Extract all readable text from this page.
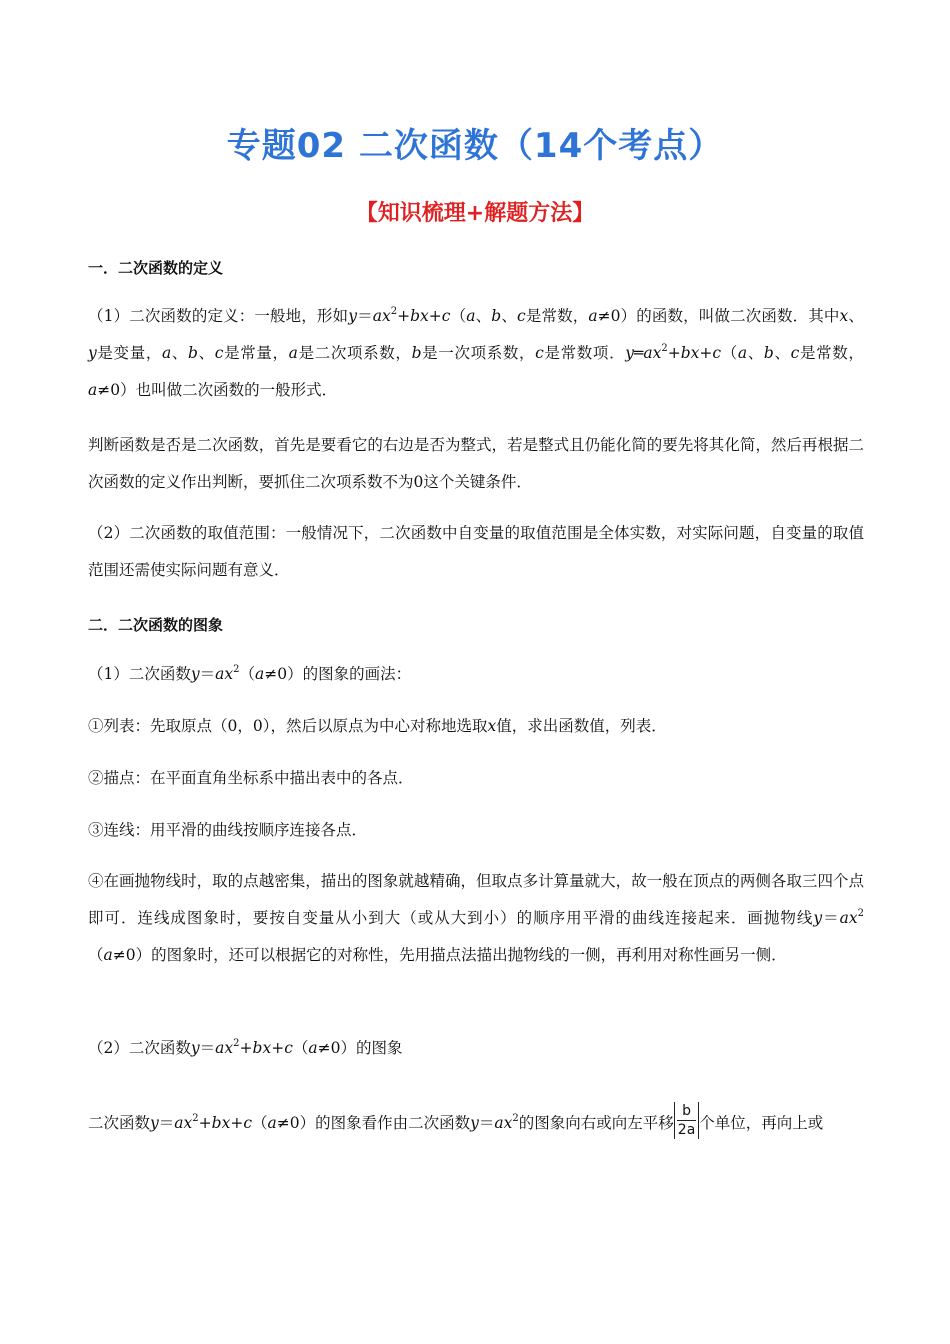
专题02 二次函数（14个考点）
【知识梳理+解题方法】
一．二次函数的定义
（1）二次函数的定义：一般地，形如$y=ax^2+bx+c(a$、b、c是常数，a≠0）的函数，叫做二次函数．其中x、y是变量，a、b、c是常量，a是二次项系数，b是一次项系数，c是常数项．$y═ax^2+bx+c(a$、b、c是常数，a≠0）也叫做二次函数的一般形式．
判断函数是否是二次函数，首先是要看它的右边是否为整式，若是整式且仍能化简的要先将其化简，然后再根据二次函数的定义作出判断，要抓住二次项系数不为0这个关键条件．
（2）二次函数的取值范围：一般情况下，二次函数中自变量的取值范围是全体实数，对实际问题，自变量的取值范围还需使实际问题有意义．
二．二次函数的图象
（1）二次函数$y=ax^2(a\ne 0)$的图象的画法：
①列表：先取原点（0，0），然后以原点为中心对称地选取x值，求出函数值，列表．
②描点：在平面直角坐标系中描出表中的各点．
③连线：用平滑的曲线按顺序连接各点．
④在画抛物线时，取的点越密集，描出的图象就越精确，但取点多计算量就大，故一般在顶点的两侧各取三四个点即可．连线成图象时，要按自变量从小到大（或从大到小）的顺序用平滑的曲线连接起来．画抛物线$y=ax^2(a\ne 0)$的图象时，还可以根据它的对称性，先用描点法描出抛物线的一侧，再利用对称性画另一侧．
（2）二次函数$y=ax^2+bx+c(a\ne 0)$的图象
二次函数$y=ax^2+bx+c(a\ne 0)$的图象看作由二次函数$y=ax^2$的图象向右或向左平移 $\frac{b}{2a}$ 个单位，再向上或
